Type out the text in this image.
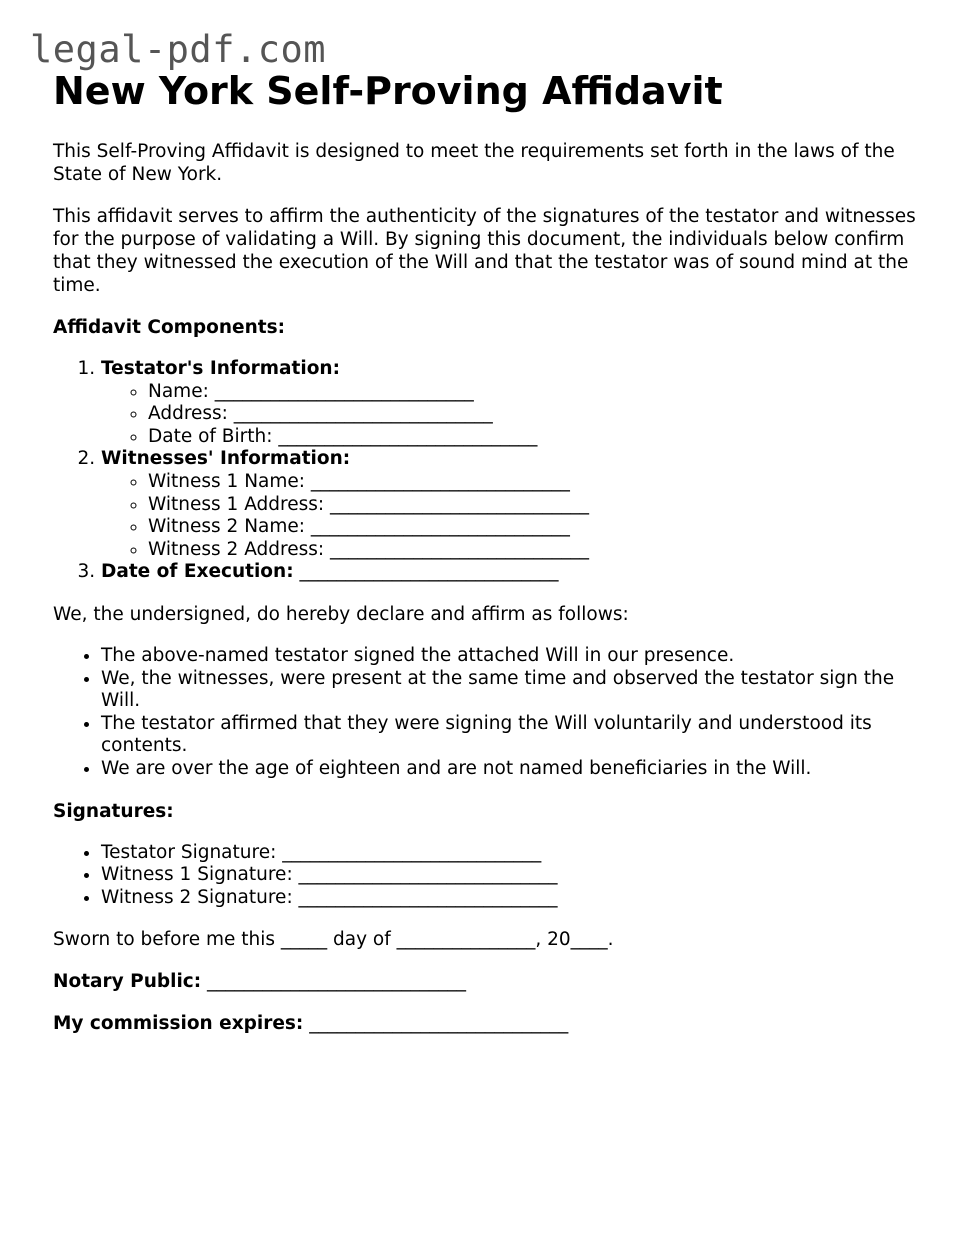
legal-pdf.com
New York Self-Proving Affidavit

This Self-Proving Affidavit is designed to meet the requirements set forth in the laws of the State of New York.

This affidavit serves to affirm the authenticity of the signatures of the testator and witnesses for the purpose of validating a Will. By signing this document, the individuals below confirm that they witnessed the execution of the Will and that the testator was of sound mind at the time.

Affidavit Components:

1. Testator's Information:
◦ Name: ____________________________
◦ Address: ____________________________
◦ Date of Birth: ____________________________
2. Witnesses' Information:
◦ Witness 1 Name: ____________________________
◦ Witness 1 Address: ____________________________
◦ Witness 2 Name: ____________________________
◦ Witness 2 Address: ____________________________
3. Date of Execution: ____________________________

We, the undersigned, do hereby declare and affirm as follows:

• The above-named testator signed the attached Will in our presence.
• We, the witnesses, were present at the same time and observed the testator sign the Will.
• The testator affirmed that they were signing the Will voluntarily and understood its contents.
• We are over the age of eighteen and are not named beneficiaries in the Will.

Signatures:

• Testator Signature: ____________________________
• Witness 1 Signature: ____________________________
• Witness 2 Signature: ____________________________

Sworn to before me this _____ day of _______________, 20____.

Notary Public: ____________________________

My commission expires: ____________________________
